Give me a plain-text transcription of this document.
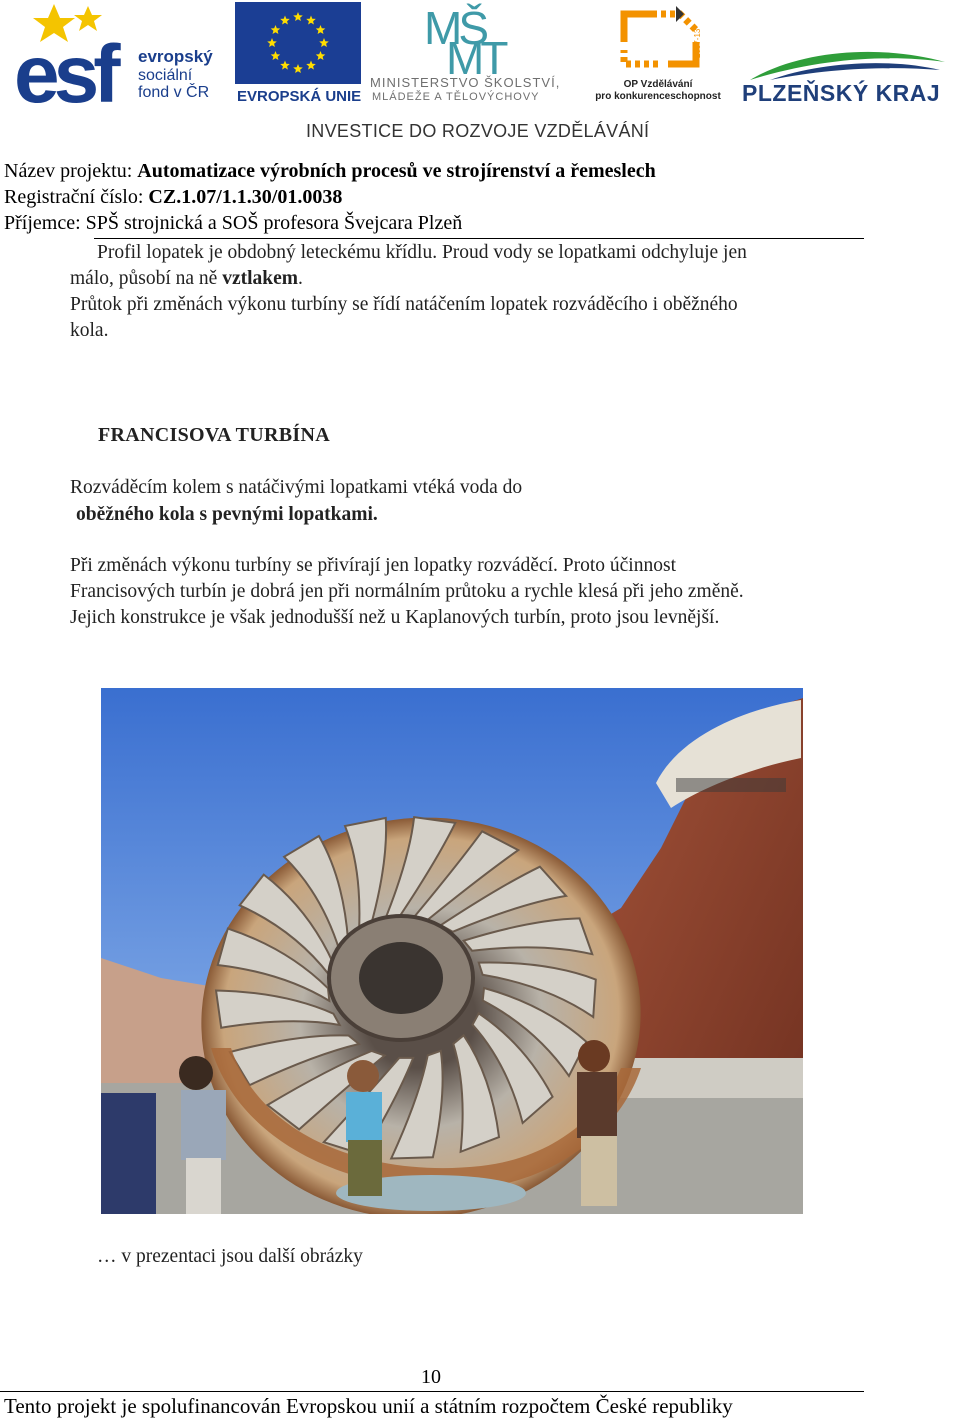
esf	evropský
sociální
fond v ČR EVROPSKÁ UNIE
MŠ
MT
MINISTERSTVO ŠKOLSTVÍ,
MLÁDEŽE A TĚLOVÝCHOVY
2007-13
OP Vzdělávání
pro konkurenceschopnost PLZEŇSKÝ KRAJ
INVESTICE DO ROZVOJE VZDĚLÁVÁNÍ
Název projektu: Automatizace výrobních procesů ve strojírenství a řemeslech
Registrační číslo: CZ.1.07/1.1.30/01.0038
Příjemce: SPŠ strojnická a SOŠ profesora Švejcara Plzeň
Profil lopatek je obdobný leteckému křídlu. Proud vody se lopatkami odchyluje jen
málo, působí na ně vztlakem.
Průtok při změnách výkonu turbíny se řídí natáčením lopatek rozváděcího i oběžného
kola.
FRANCISOVA TURBÍNA
Rozváděcím kolem s natáčivými lopatkami vtéká voda do
oběžného kola s pevnými lopatkami.
Při změnách výkonu turbíny se přivírají jen lopatky rozváděcí. Proto účinnost
Francisových turbín je dobrá jen při normálním průtoku a rychle klesá při jeho změně.
Jejich konstrukce je však jednodušší než u Kaplanových turbín, proto jsou levnější.
… v prezentaci jsou další obrázky
10
Tento projekt je spolufinancován Evropskou unií a státním rozpočtem České republiky
